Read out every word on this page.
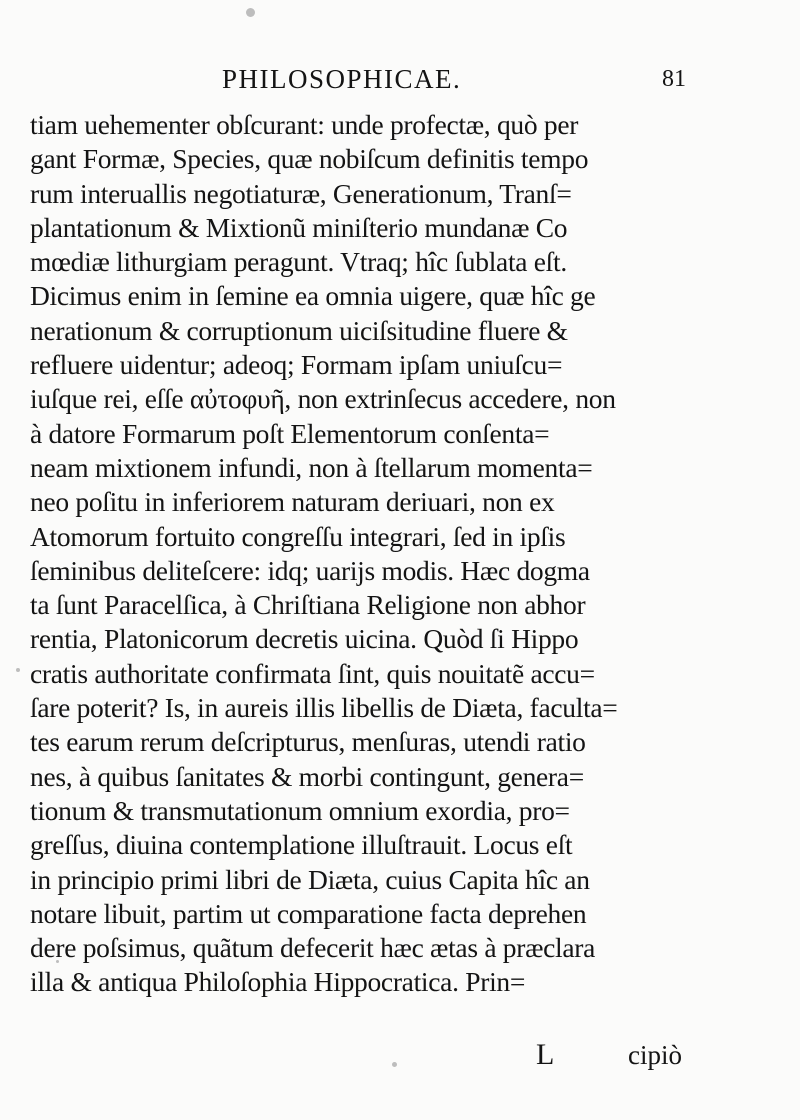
PHILOSOPHICAE.	81
tiam uehementer obſcurant: unde profectæ, quò per
gant Formæ, Species, quæ nobiſcum definitis tempo
rum interuallis negotiaturæ, Generationum, Tranſ=
plantationum & Mixtionũ miniſterio mundanæ Co
mœdiæ lithurgiam peragunt. Vtraq; hîc ſublata eſt.
Dicimus enim in ſemine ea omnia uigere, quæ hîc ge
nerationum & corruptionum uiciſsitudine fluere &
refluere uidentur; adeoq; Formam ipſam uniuſcu=
iuſque rei, eſſe αὐτοφυῆ, non extrinſecus accedere, non
à datore Formarum poſt Elementorum conſenta=
neam mixtionem infundi, non à ſtellarum momenta=
neo poſitu in inferiorem naturam deriuari, non ex
Atomorum fortuito congreſſu integrari, ſed in ipſis
ſeminibus deliteſcere: idq; uarijs modis. Hæc dogma
ta ſunt Paracelſica, à Chriſtiana Religione non abhor
rentia, Platonicorum decretis uicina. Quòd ſi Hippo
cratis authoritate confirmata ſint, quis nouitatẽ accu=
ſare poterit? Is, in aureis illis libellis de Diæta, faculta=
tes earum rerum deſcripturus, menſuras, utendi ratio
nes, à quibus ſanitates & morbi contingunt, genera=
tionum & transmutationum omnium exordia, pro=
greſſus, diuina contemplatione illuſtrauit. Locus eſt
in principio primi libri de Diæta, cuius Capita hîc an
notare libuit, partim ut comparatione facta deprehen
dere poſsimus, quãtum defecerit hæc ætas à præclara
illa & antiqua Philoſophia Hippocratica. Prin=
L	cipiò
